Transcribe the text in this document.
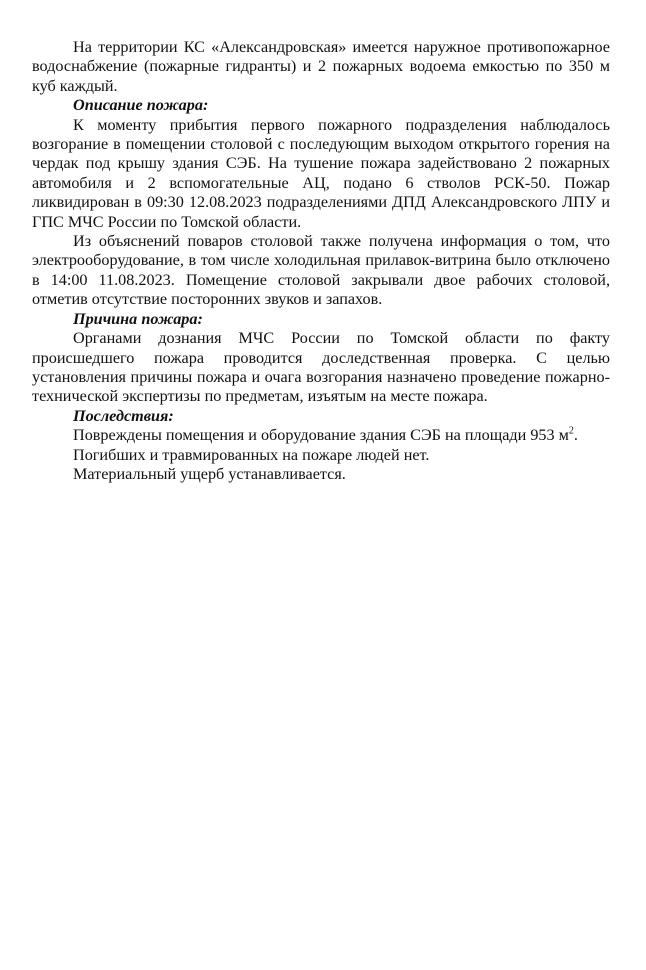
На территории КС «Александровская» имеется наружное противопожарное водоснабжение (пожарные гидранты) и 2 пожарных водоема емкостью по 350 м куб каждый.

Описание пожара:

К моменту прибытия первого пожарного подразделения наблюдалось возгорание в помещении столовой с последующим выходом открытого горения на чердак под крышу здания СЭБ. На тушение пожара задействовано 2 пожарных автомобиля и 2 вспомогательные АЦ, подано 6 стволов РСК-50. Пожар ликвидирован в 09:30 12.08.2023 подразделениями ДПД Александровского ЛПУ и ГПС МЧС России по Томской области.

Из объяснений поваров столовой также получена информация о том, что электрооборудование, в том числе холодильная прилавок-витрина было отключено в 14:00 11.08.2023. Помещение столовой закрывали двое рабочих столовой, отметив отсутствие посторонних звуков и запахов.

Причина пожара:

Органами дознания МЧС России по Томской области по факту происшедшего пожара проводится доследственная проверка. С целью установления причины пожара и очага возгорания назначено проведение пожарно-технической экспертизы по предметам, изъятым на месте пожара.

Последствия:

Повреждены помещения и оборудование здания СЭБ на площади 953 $м^2$.

Погибших и травмированных на пожаре людей нет.

Материальный ущерб устанавливается.
